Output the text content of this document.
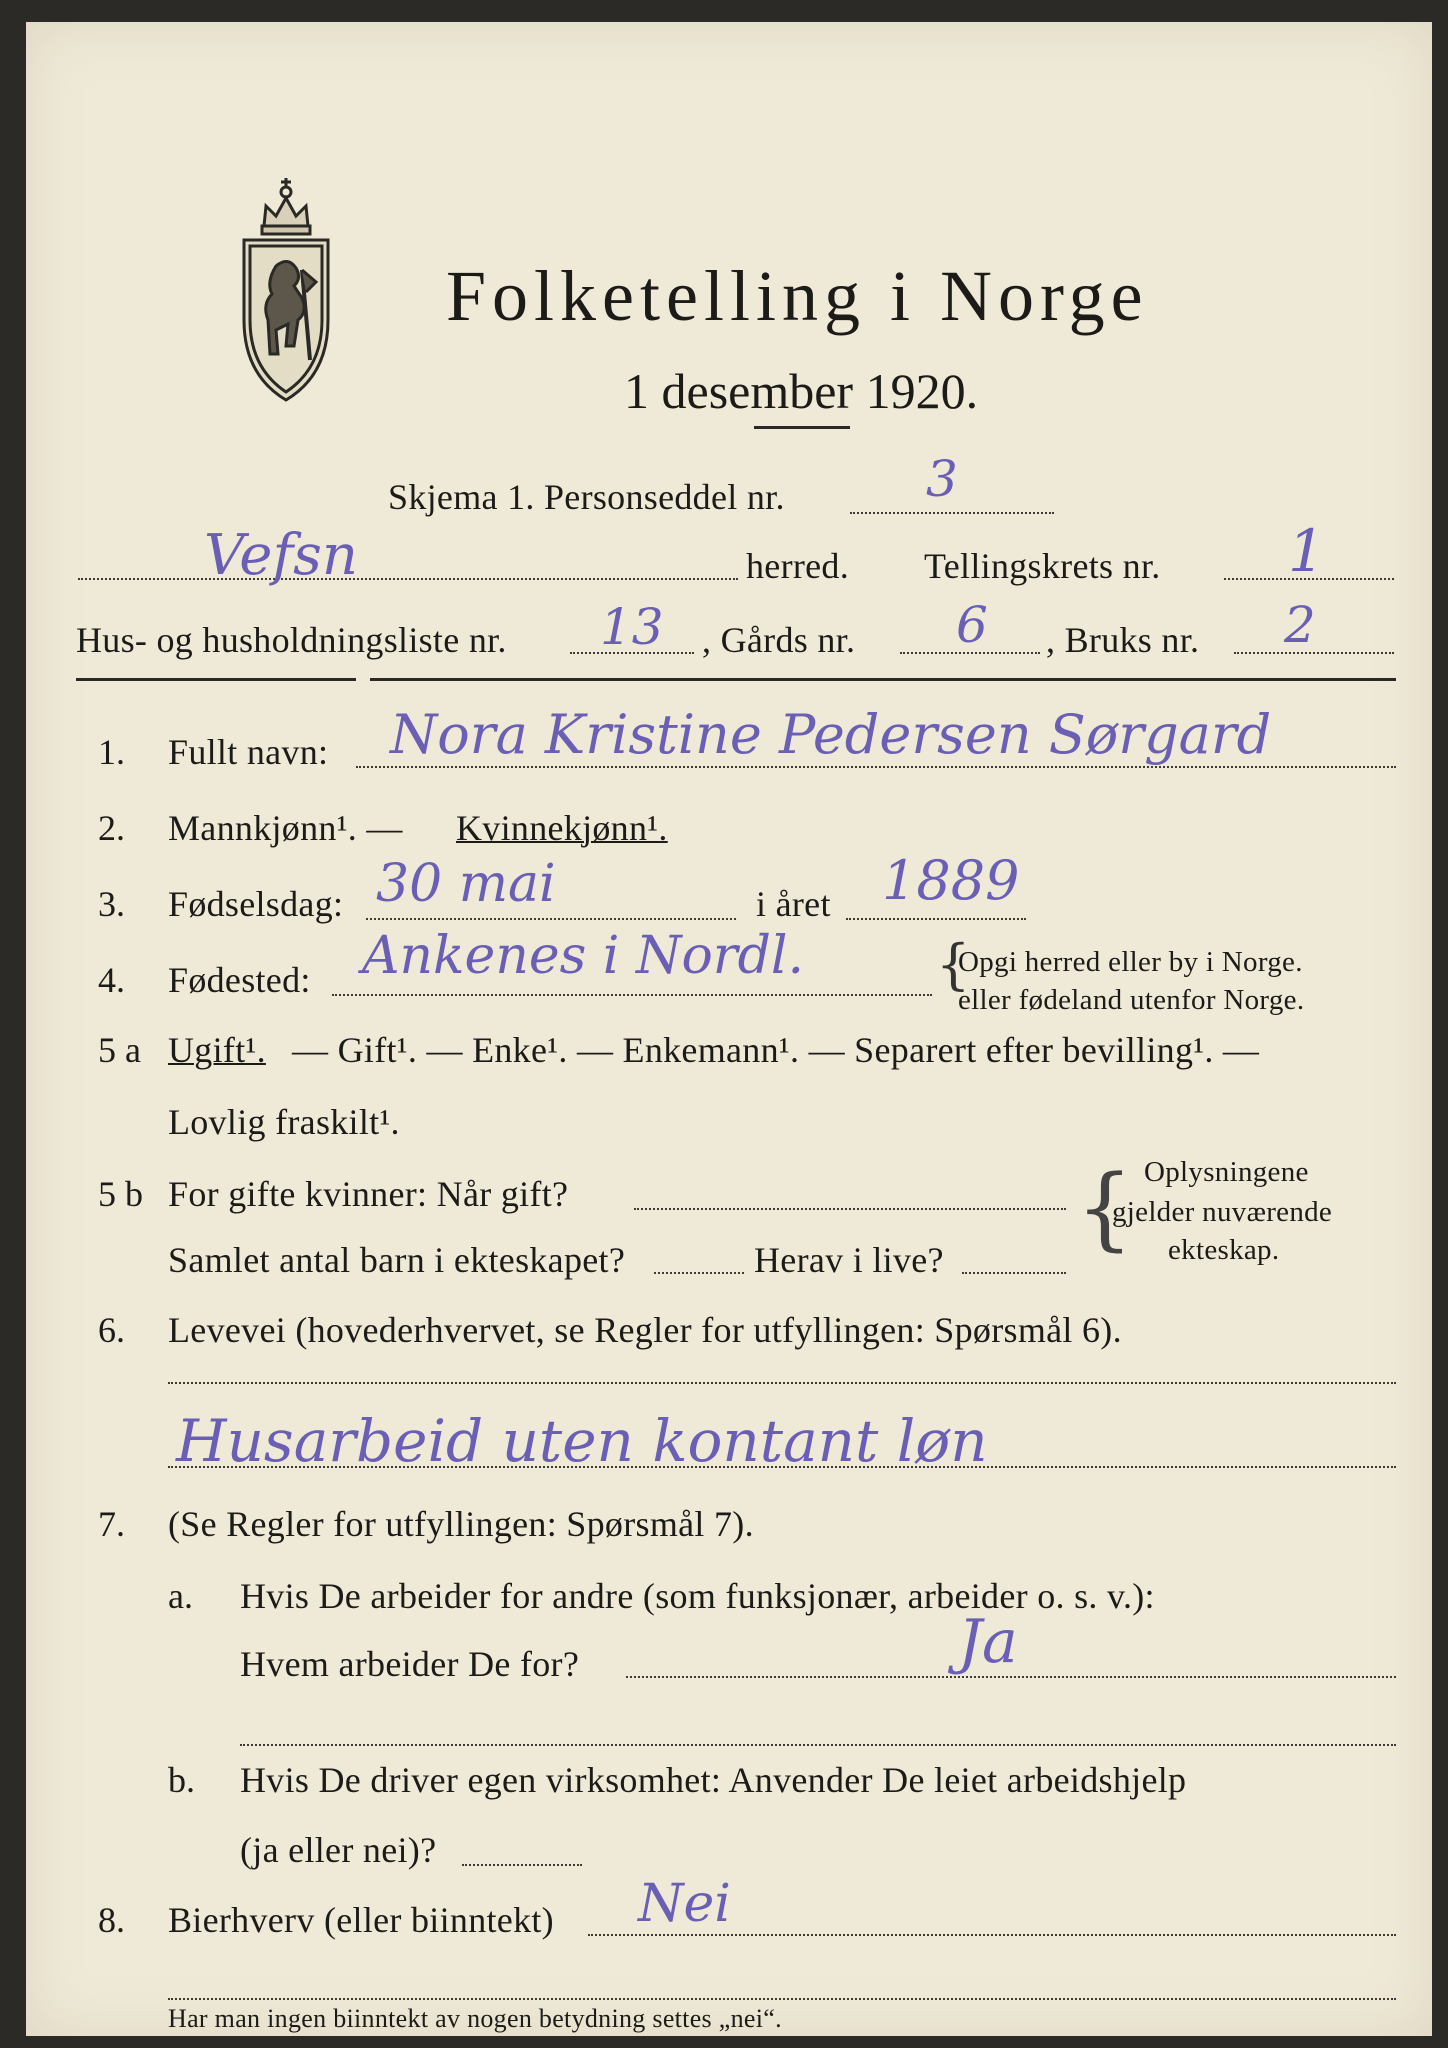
Folketelling i Norge
1 desember 1920.
Skjema 1. Personseddel nr.	3
Vefsn	herred. Tellingskrets nr. 1
Hus- og husholdningsliste nr. 13 , Gårds nr. 6 , Bruks nr. 2
1. Fullt navn: Nora Kristine Pedersen Sørgard
2. Mannkjønn¹. — Kvinnekjønn¹.
3. Fødselsdag: 30 mai	i året 1889
4. Fødested: Ankenes i Nordl. {
Opgi herred eller by i Norge.
eller fødeland utenfor Norge.
5 a Ugift¹. — Gift¹. — Enke¹. — Enkemann¹. — Separert efter bevilling¹. —
Lovlig fraskilt¹.
5 b For gifte kvinner: Når gift?
Samlet antal barn i ekteskapet?	Herav i live? { Oplysningene
gjelder nuværende
ekteskap.
6. Levevei (hovederhvervet, se Regler for utfyllingen: Spørsmål 6).
Husarbeid uten kontant løn
7. (Se Regler for utfyllingen: Spørsmål 7).
a. Hvis De arbeider for andre (som funksjonær, arbeider o. s. v.):
Hvem arbeider De for?	Ja
b. Hvis De driver egen virksomhet: Anvender De leiet arbeidshjelp
(ja eller nei)?
8. Bierhverv (eller biinntekt) Nei
Har man ingen biinntekt av nogen betydning settes „nei“.
